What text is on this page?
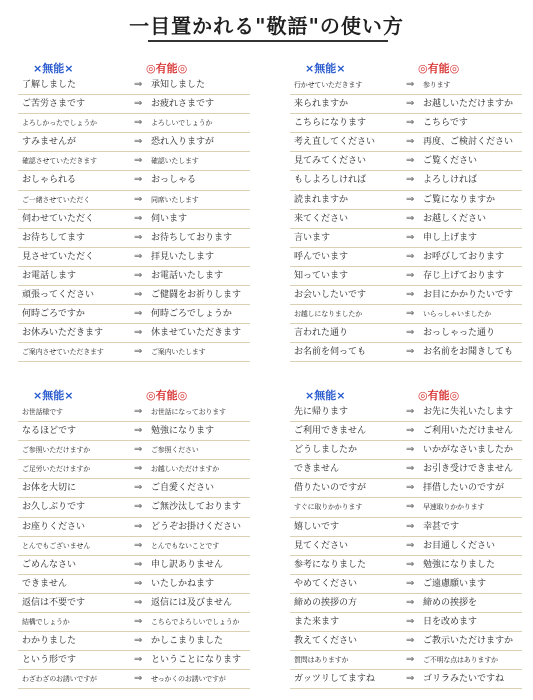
一目置かれる"敬語"の使い方
×無能×	◎有能◎
了解しました	⇒ 承知しました
ご苦労さまです	⇒ お疲れさまです
よろしかったでしょうか	⇒ よろしいでしょうか
すみませんが	⇒ 恐れ入りますが
確認させていただきます	⇒ 確認いたします
おしゃられる	⇒ おっしゃる
ご一緒させていただく	⇒ 同席いたします
伺わせていただく	⇒ 伺います
お待ちしてます	⇒ お待ちしております
見させていただく	⇒ 拝見いたします
お電話します	⇒ お電話いたします
頑張ってください	⇒ ご健闘をお祈りします
何時ごろですか	⇒ 何時ごろでしょうか
お休みいただきます	⇒ 休ませていただきます
ご案内させていただきます	⇒ ご案内いたします
×無能×	◎有能◎
行かせていただきます	⇒ 参ります
来られますか	⇒ お越しいただけますか
こちらになります	⇒ こちらです
考え直してください	⇒ 再度、ご検討ください
見てみてください	⇒ ご覧ください
もしよろしければ	⇒ よろしければ
読まれますか	⇒ ご覧になりますか
来てください	⇒ お越しください
言います	⇒ 申し上げます
呼んでいます	⇒ お呼びしております
知っています	⇒ 存じ上げております
お会いしたいです	⇒ お目にかかりたいです
お越しになりましたか	⇒ いらっしゃいましたか
言われた通り	⇒ おっしゃった通り
お名前を伺っても	⇒ お名前をお聞きしても
×無能×	◎有能◎
お世話様です	⇒ お世話になっております
なるほどです	⇒ 勉強になります
ご参照いただけますか	⇒ ご参照ください
ご足労いただけますか	⇒ お越しいただけますか
お体を大切に	⇒ ご自愛ください
お久しぶりです	⇒ ご無沙汰しております
お座りください	⇒ どうぞお掛けください
とんでもございません	⇒ とんでもないことです
ごめんなさい	⇒ 申し訳ありません
できません	⇒ いたしかねます
返信は不要です	⇒ 返信には及びません
結構でしょうか	⇒ こちらでよろしいでしょうか
わかりました	⇒ かしこまりました
という形です	⇒ ということになります
わざわざのお誘いですが	⇒ せっかくのお誘いですが
×無能×	◎有能◎
先に帰ります	⇒ お先に失礼いたします
ご利用できません	⇒ ご利用いただけません
どうしましたか	⇒ いかがなさいましたか
できません	⇒ お引き受けできません
借りたいのですが	⇒ 拝借したいのですが
すぐに取りかかります	⇒ 早速取りかかります
嬉しいです	⇒ 幸甚です
見てください	⇒ お目通しください
参考になりました	⇒ 勉強になりました
やめてください	⇒ ご遠慮願います
締めの挨拶の方	⇒ 締めの挨拶を
また来ます	⇒ 日を改めます
教えてください	⇒ ご教示いただけますか
質問はありますか	⇒ ご不明な点はありますか
ガッツリしてますね	⇒ ゴリラみたいですね
